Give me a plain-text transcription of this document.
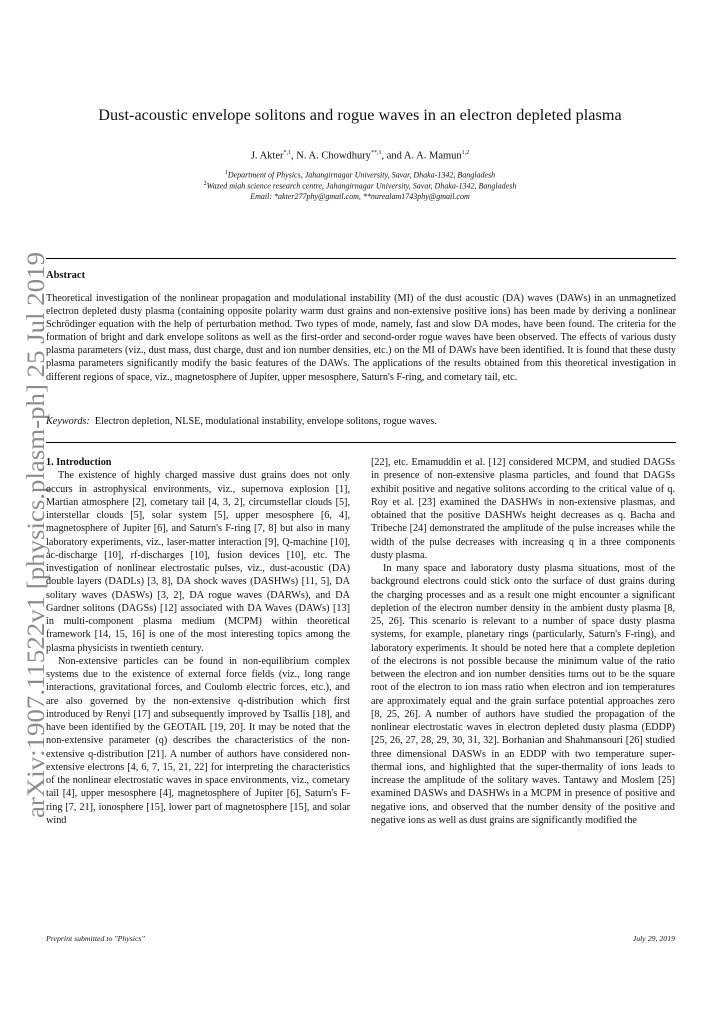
Dust-acoustic envelope solitons and rogue waves in an electron depleted plasma
J. Akter$^{*,1}$, N. A. Chowdhury$^{**,1}$, and A. A. Mamun$^{1,2}$
$^1$Department of Physics, Jahangirnagar University, Savar, Dhaka-1342, Bangladesh
$^2$Wazed miah science research centre, Jahangirnagar University, Savar, Dhaka-1342, Bangladesh
Email: *akter277phy@gmail.com, **nurealam1743phy@gmail.com
arXiv:1907.11522v1 [physics.plasm-ph] 25 Jul 2019
Abstract
Theoretical investigation of the nonlinear propagation and modulational instability (MI) of the dust acoustic (DA) waves (DAWs) in an unmagnetized electron depleted dusty plasma (containing opposite polarity warm dust grains and non-extensive positive ions) has been made by deriving a nonlinear Schrödinger equation with the help of perturbation method. Two types of mode, namely, fast and slow DA modes, have been found. The criteria for the formation of bright and dark envelope solitons as well as the first-order and second-order rogue waves have been observed. The effects of various dusty plasma parameters (viz., dust mass, dust charge, dust and ion number densities, etc.) on the MI of DAWs have been identified. It is found that these dusty plasma parameters significantly modify the basic features of the DAWs. The applications of the results obtained from this theoretical investigation in different regions of space, viz., magnetosphere of Jupiter, upper mesosphere, Saturn's F-ring, and cometary tail, etc.
Keywords: Electron depletion, NLSE, modulational instability, envelope solitons, rogue waves.

1. Introduction

The existence of highly charged massive dust grains does not only occurs in astrophysical environments, viz., supernova explosion [1], Martian atmosphere [2], cometary tail [4, 3, 2], circumstellar clouds [5], interstellar clouds [5], solar system [5], upper mesosphere [6, 4], magnetosphere of Jupiter [6], and Saturn's F-ring [7, 8] but also in many laboratory experiments, viz., laser-matter interaction [9], Q-machine [10], ac-discharge [10], rf-discharges [10], fusion devices [10], etc. The investigation of nonlinear electrostatic pulses, viz., dust-acoustic (DA) double layers (DADLs) [3, 8], DA shock waves (DASHWs) [11, 5], DA solitary waves (DASWs) [3, 2], DA rogue waves (DARWs), and DA Gardner solitons (DAGSs) [12] associated with DA Waves (DAWs) [13] in multi-component plasma medium (MCPM) within theoretical framework [14, 15, 16] is one of the most interesting topics among the plasma physicists in twentieth century.

Non-extensive particles can be found in non-equilibrium complex systems due to the existence of external force fields (viz., long range interactions, gravitational forces, and Coulomb electric forces, etc.), and are also governed by the non-extensive q-distribution which first introduced by Renyi [17] and subsequently improved by Tsallis [18], and have been identified by the GEOTAIL [19, 20]. It may be noted that the non-extensive parameter (q) describes the characteristics of the non-extensive q-distribution [21]. A number of authors have considered non-extensive electrons [4, 6, 7, 15, 21, 22] for interpreting the characteristics of the nonlinear electrostatic waves in space environments, viz., cometary tail [4], upper mesosphere [4], magnetosphere of Jupiter [6], Saturn's F-ring [7, 21], ionosphere [15], lower part of magnetosphere [15], and solar wind

[22], etc. Emamuddin et al. [12] considered MCPM, and studied DAGSs in presence of non-extensive plasma particles, and found that DAGSs exhibit positive and negative solitons according to the critical value of q. Roy et al. [23] examined the DASHWs in non-extensive plasmas, and obtained that the positive DASHWs height decreases as q. Bacha and Tribeche [24] demonstrated the amplitude of the pulse increases while the width of the pulse decreases with increasing q in a three components dusty plasma.

In many space and laboratory dusty plasma situations, most of the background electrons could stick onto the surface of dust grains during the charging processes and as a result one might encounter a significant depletion of the electron number density in the ambient dusty plasma [8, 25, 26]. This scenario is relevant to a number of space dusty plasma systems, for example, planetary rings (particularly, Saturn's F-ring), and laboratory experiments. It should be noted here that a complete depletion of the electrons is not possible because the minimum value of the ratio between the electron and ion number densities turns out to be the square root of the electron to ion mass ratio when electron and ion temperatures are approximately equal and the grain surface potential approaches zero [8, 25, 26]. A number of authors have studied the propagation of the nonlinear electrostatic waves in electron depleted dusty plasma (EDDP) [25, 26, 27, 28, 29, 30, 31, 32]. Borhanian and Shahmansouri [26] studied three dimensional DASWs in an EDDP with two temperature super-thermal ions, and highlighted that the super-thermality of ions leads to increase the amplitude of the solitary waves. Tantawy and Moslem [25] examined DASWs and DASHWs in a MCPM in presence of positive and negative ions, and observed that the number density of the positive and negative ions as well as dust grains are significantly modified the

Preprint submitted to "Physics"	July 29, 2019
